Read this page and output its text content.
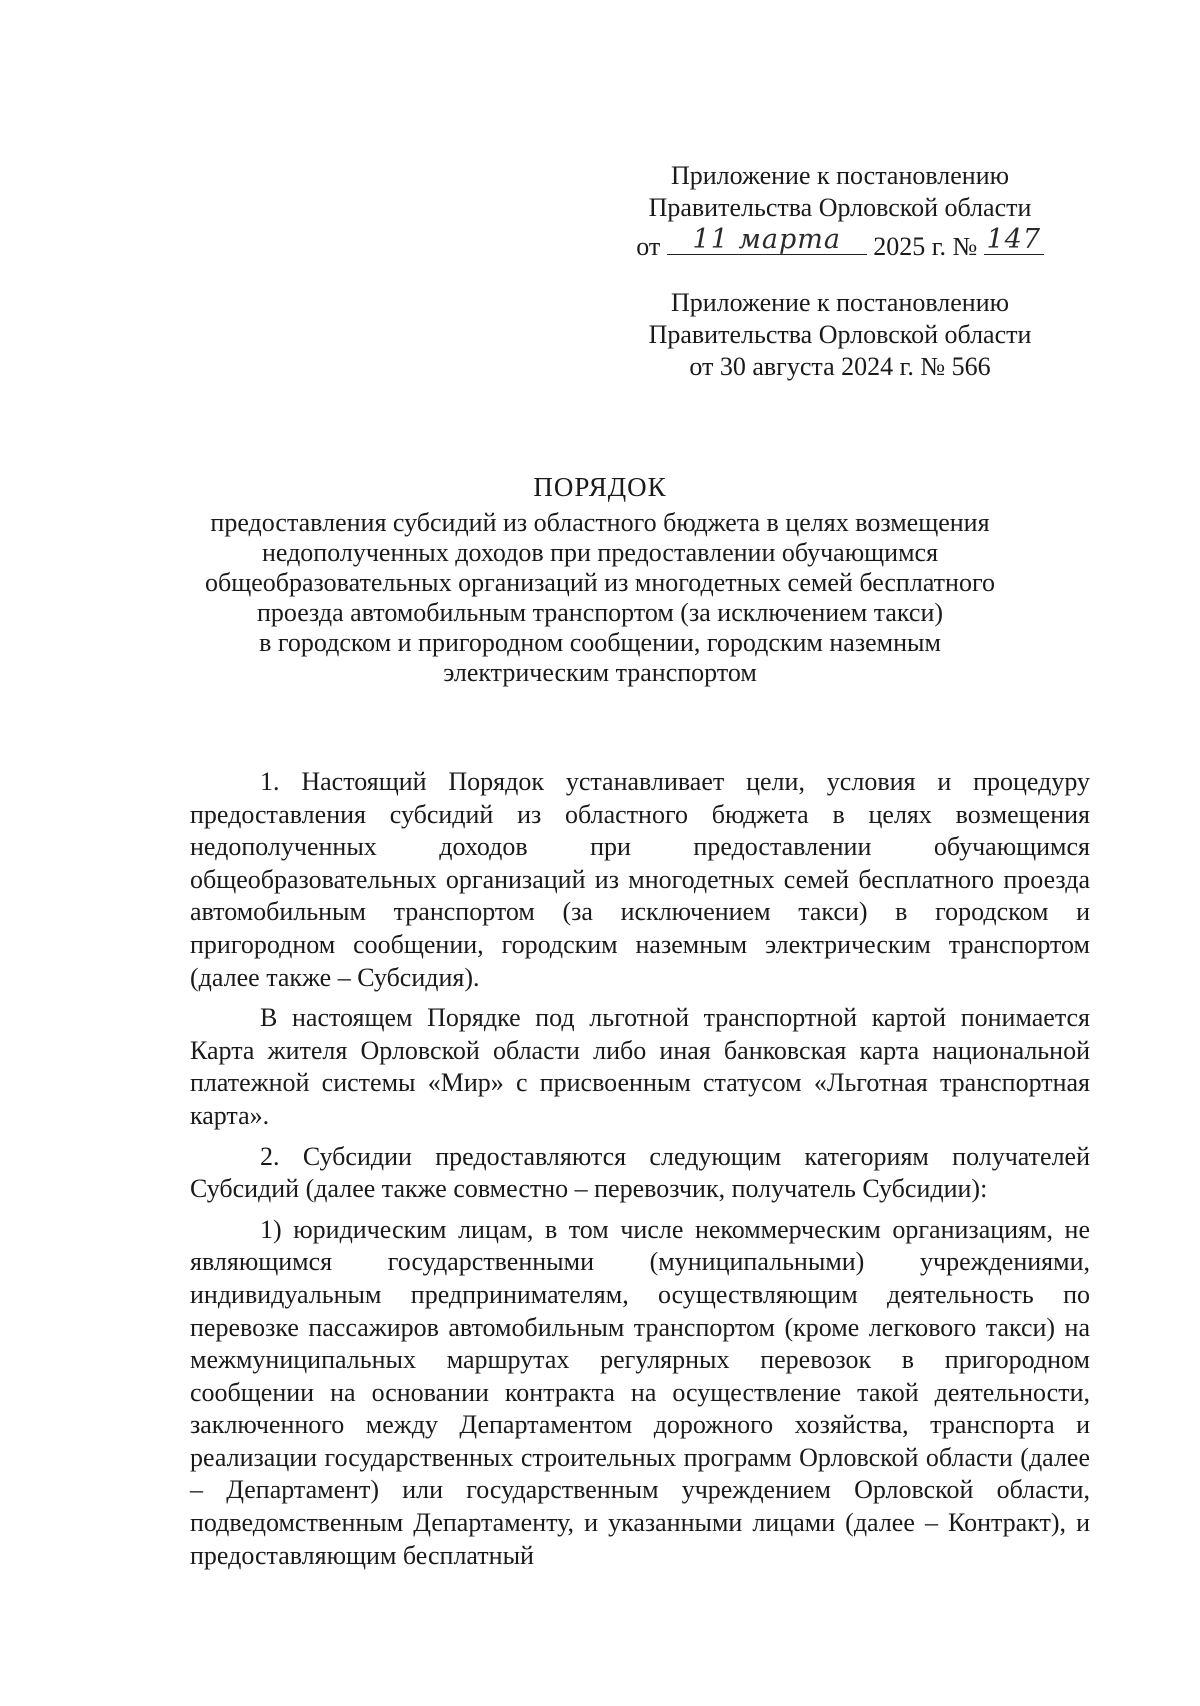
Приложение к постановлению
Правительства Орловской области
от	11 марта	2025 г. № 147
Приложение к постановлению
Правительства Орловской области
от 30 августа 2024 г. № 566
ПОРЯДОК
предоставления субсидий из областного бюджета в целях возмещения
недополученных доходов при предоставлении обучающимся
общеобразовательных организаций из многодетных семей бесплатного
проезда автомобильным транспортом (за исключением такси)
в городском и пригородном сообщении, городским наземным
электрическим транспортом

1. Настоящий Порядок устанавливает цели, условия и процедуру предоставления субсидий из областного бюджета в целях возмещения недополученных доходов при предоставлении обучающимся общеобразовательных организаций из многодетных семей бесплатного проезда автомобильным транспортом (за исключением такси) в городском и пригородном сообщении, городским наземным электрическим транспортом (далее также – Субсидия).

В настоящем Порядке под льготной транспортной картой понимается Карта жителя Орловской области либо иная банковская карта национальной платежной системы «Мир» с присвоенным статусом «Льготная транспортная карта».

2. Субсидии предоставляются следующим категориям получателей Субсидий (далее также совместно – перевозчик, получатель Субсидии):

1) юридическим лицам, в том числе некоммерческим организациям, не являющимся государственными (муниципальными) учреждениями, индивидуальным предпринимателям, осуществляющим деятельность по перевозке пассажиров автомобильным транспортом (кроме легкового такси) на межмуниципальных маршрутах регулярных перевозок в пригородном сообщении на основании контракта на осуществление такой деятельности, заключенного между Департаментом дорожного хозяйства, транспорта и реализации государственных строительных программ Орловской области (далее – Департамент) или государственным учреждением Орловской области, подведомственным Департаменту, и указанными лицами (далее – Контракт), и предоставляющим бесплатный
